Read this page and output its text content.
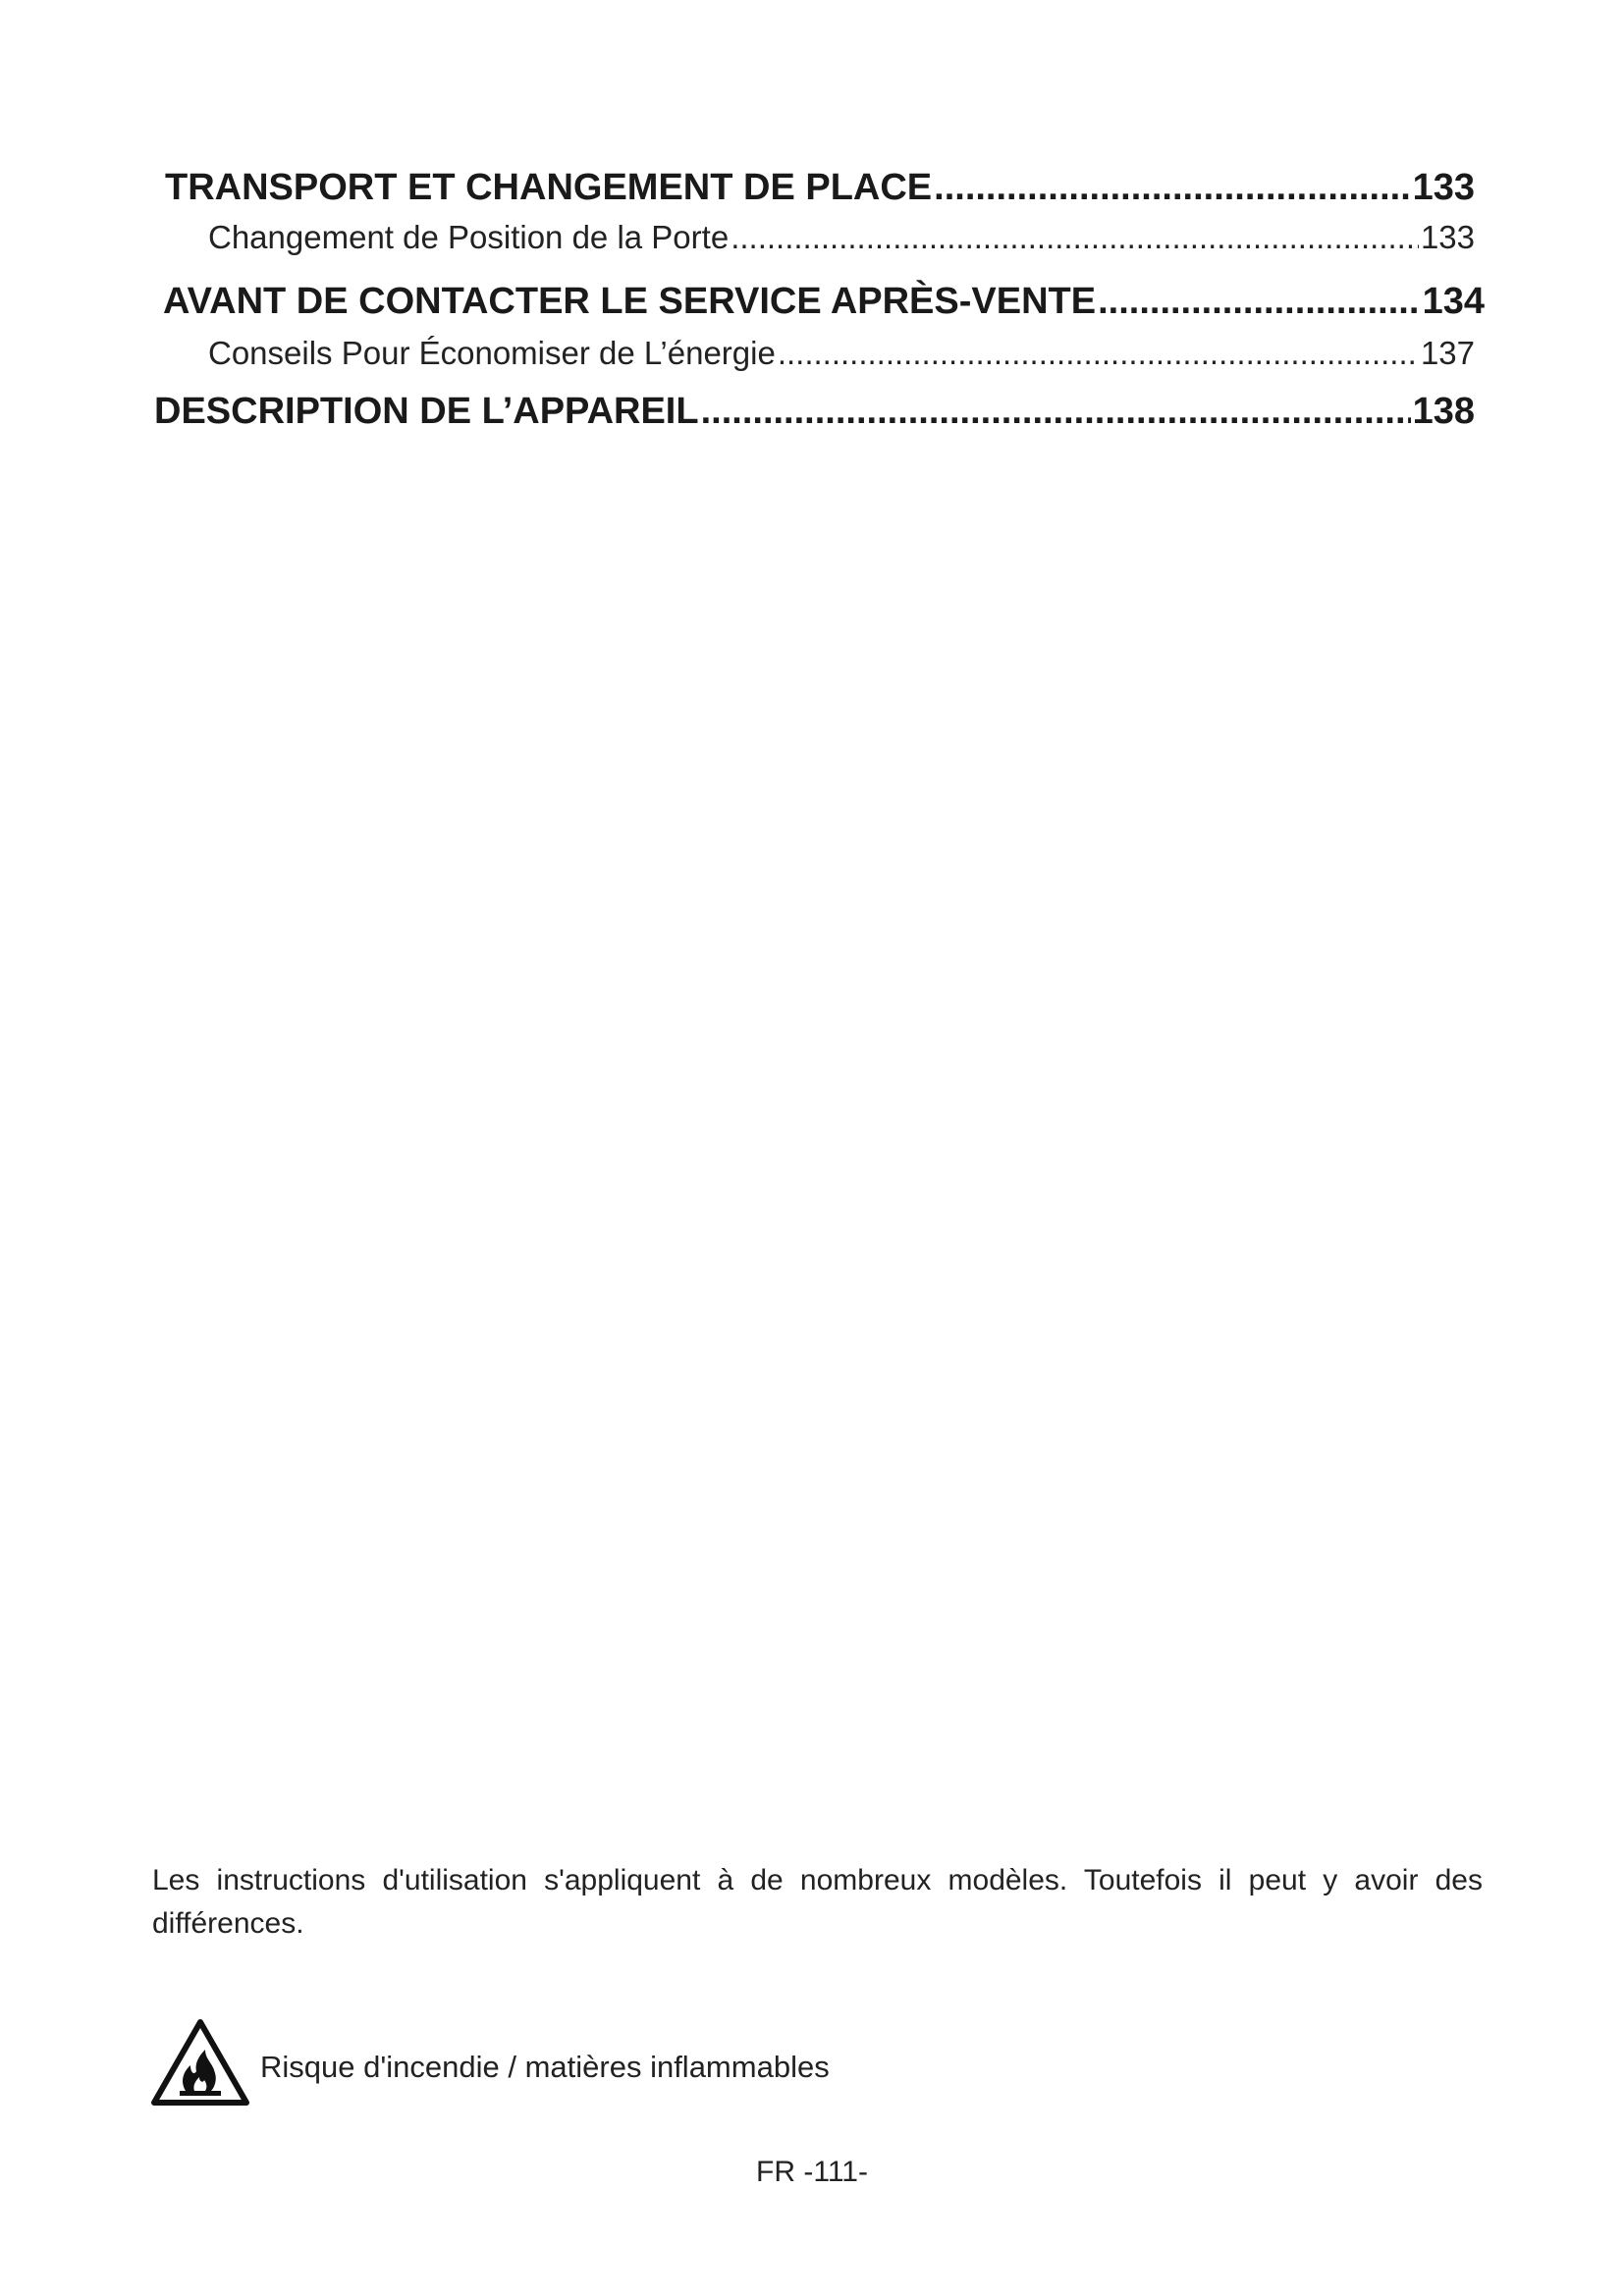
TRANSPORT ET CHANGEMENT DE PLACE .....	133
Changement de Position de la Porte .....	133
AVANT DE CONTACTER LE SERVICE APRÈS-VENTE .....	134
Conseils Pour Économiser de L’énergie .....	137
DESCRIPTION DE L’APPAREIL .....	138

Les instructions d'utilisation s'appliquent à de nombreux modèles. Toutefois il peut y avoir des différences.

Risque d'incendie / matières inflammables
FR -111-
